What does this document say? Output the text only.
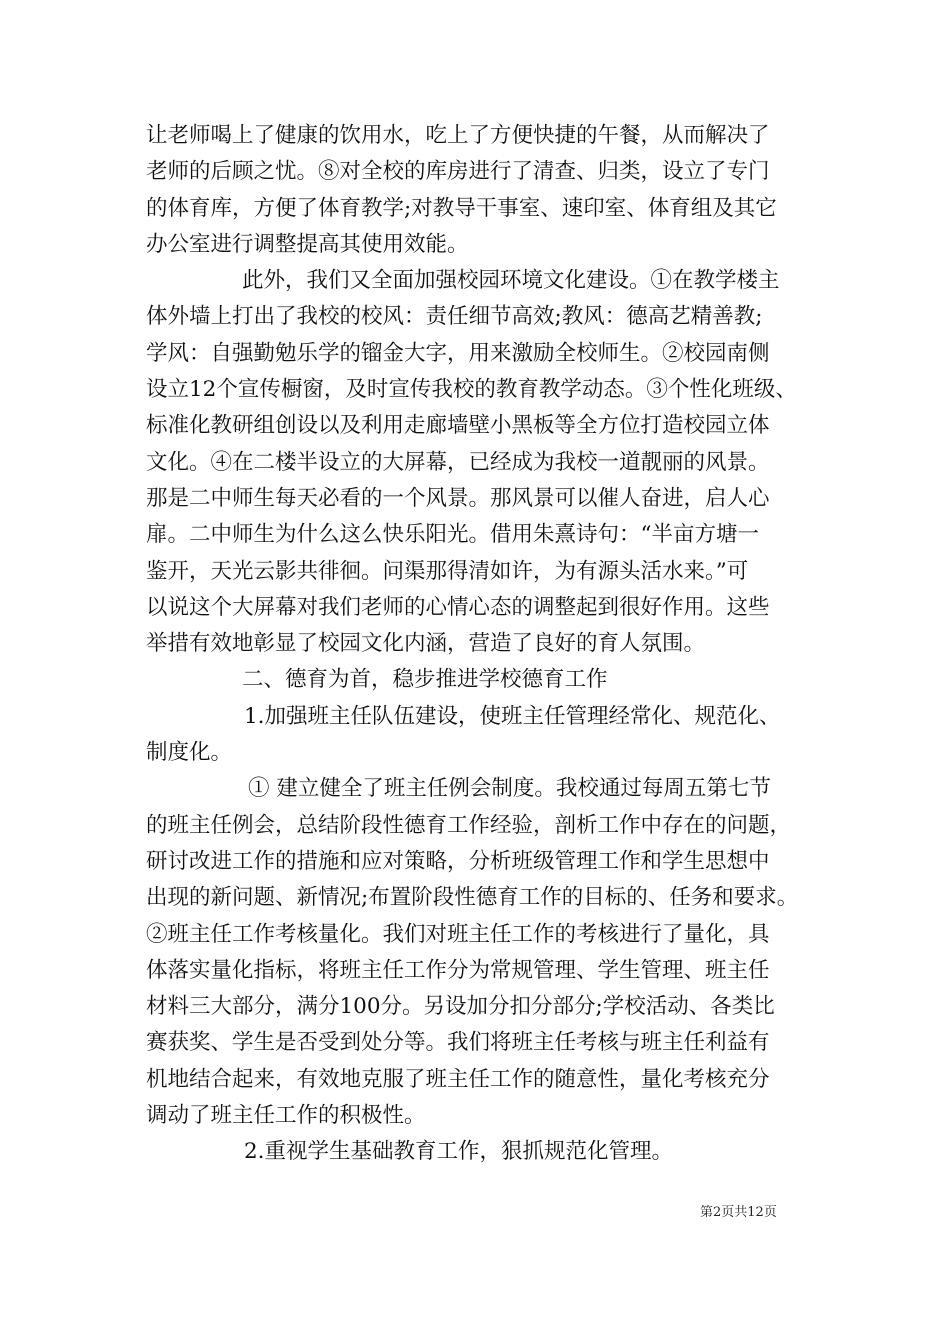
让老师喝上了健康的饮用水，吃上了方便快捷的午餐，从而解决了
老师的后顾之忧。⑧对全校的库房进行了清查、归类，设立了专门
的体育库，方便了体育教学;对教导干事室、速印室、体育组及其它
办公室进行调整提高其使用效能。
此外，我们又全面加强校园环境文化建设。①在教学楼主
体外墙上打出了我校的校风：责任细节高效;教风：德高艺精善教;
学风：自强勤勉乐学的镏金大字，用来激励全校师生。②校园南侧
设立12个宣传橱窗，及时宣传我校的教育教学动态。③个性化班级、
标准化教研组创设以及利用走廊墙壁小黑板等全方位打造校园立体
文化。④在二楼半设立的大屏幕，已经成为我校一道靓丽的风景。
那是二中师生每天必看的一个风景。那风景可以催人奋进，启人心
扉。二中师生为什么这么快乐阳光。借用朱熹诗句：“半亩方塘一
鉴开，天光云影共徘徊。问渠那得清如许，为有源头活水来。”可
以说这个大屏幕对我们老师的心情心态的调整起到很好作用。这些
举措有效地彰显了校园文化内涵，营造了良好的育人氛围。
二、德育为首，稳步推进学校德育工作
1.加强班主任队伍建设，使班主任管理经常化、规范化、
制度化。
① 建立健全了班主任例会制度。我校通过每周五第七节
的班主任例会，总结阶段性德育工作经验，剖析工作中存在的问题，
研讨改进工作的措施和应对策略，分析班级管理工作和学生思想中
出现的新问题、新情况;布置阶段性德育工作的目标的、任务和要求。
②班主任工作考核量化。我们对班主任工作的考核进行了量化，具
体落实量化指标，将班主任工作分为常规管理、学生管理、班主任
材料三大部分，满分100分。另设加分扣分部分;学校活动、各类比
赛获奖、学生是否受到处分等。我们将班主任考核与班主任利益有
机地结合起来，有效地克服了班主任工作的随意性，量化考核充分
调动了班主任工作的积极性。
2.重视学生基础教育工作，狠抓规范化管理。
第2页共12页
